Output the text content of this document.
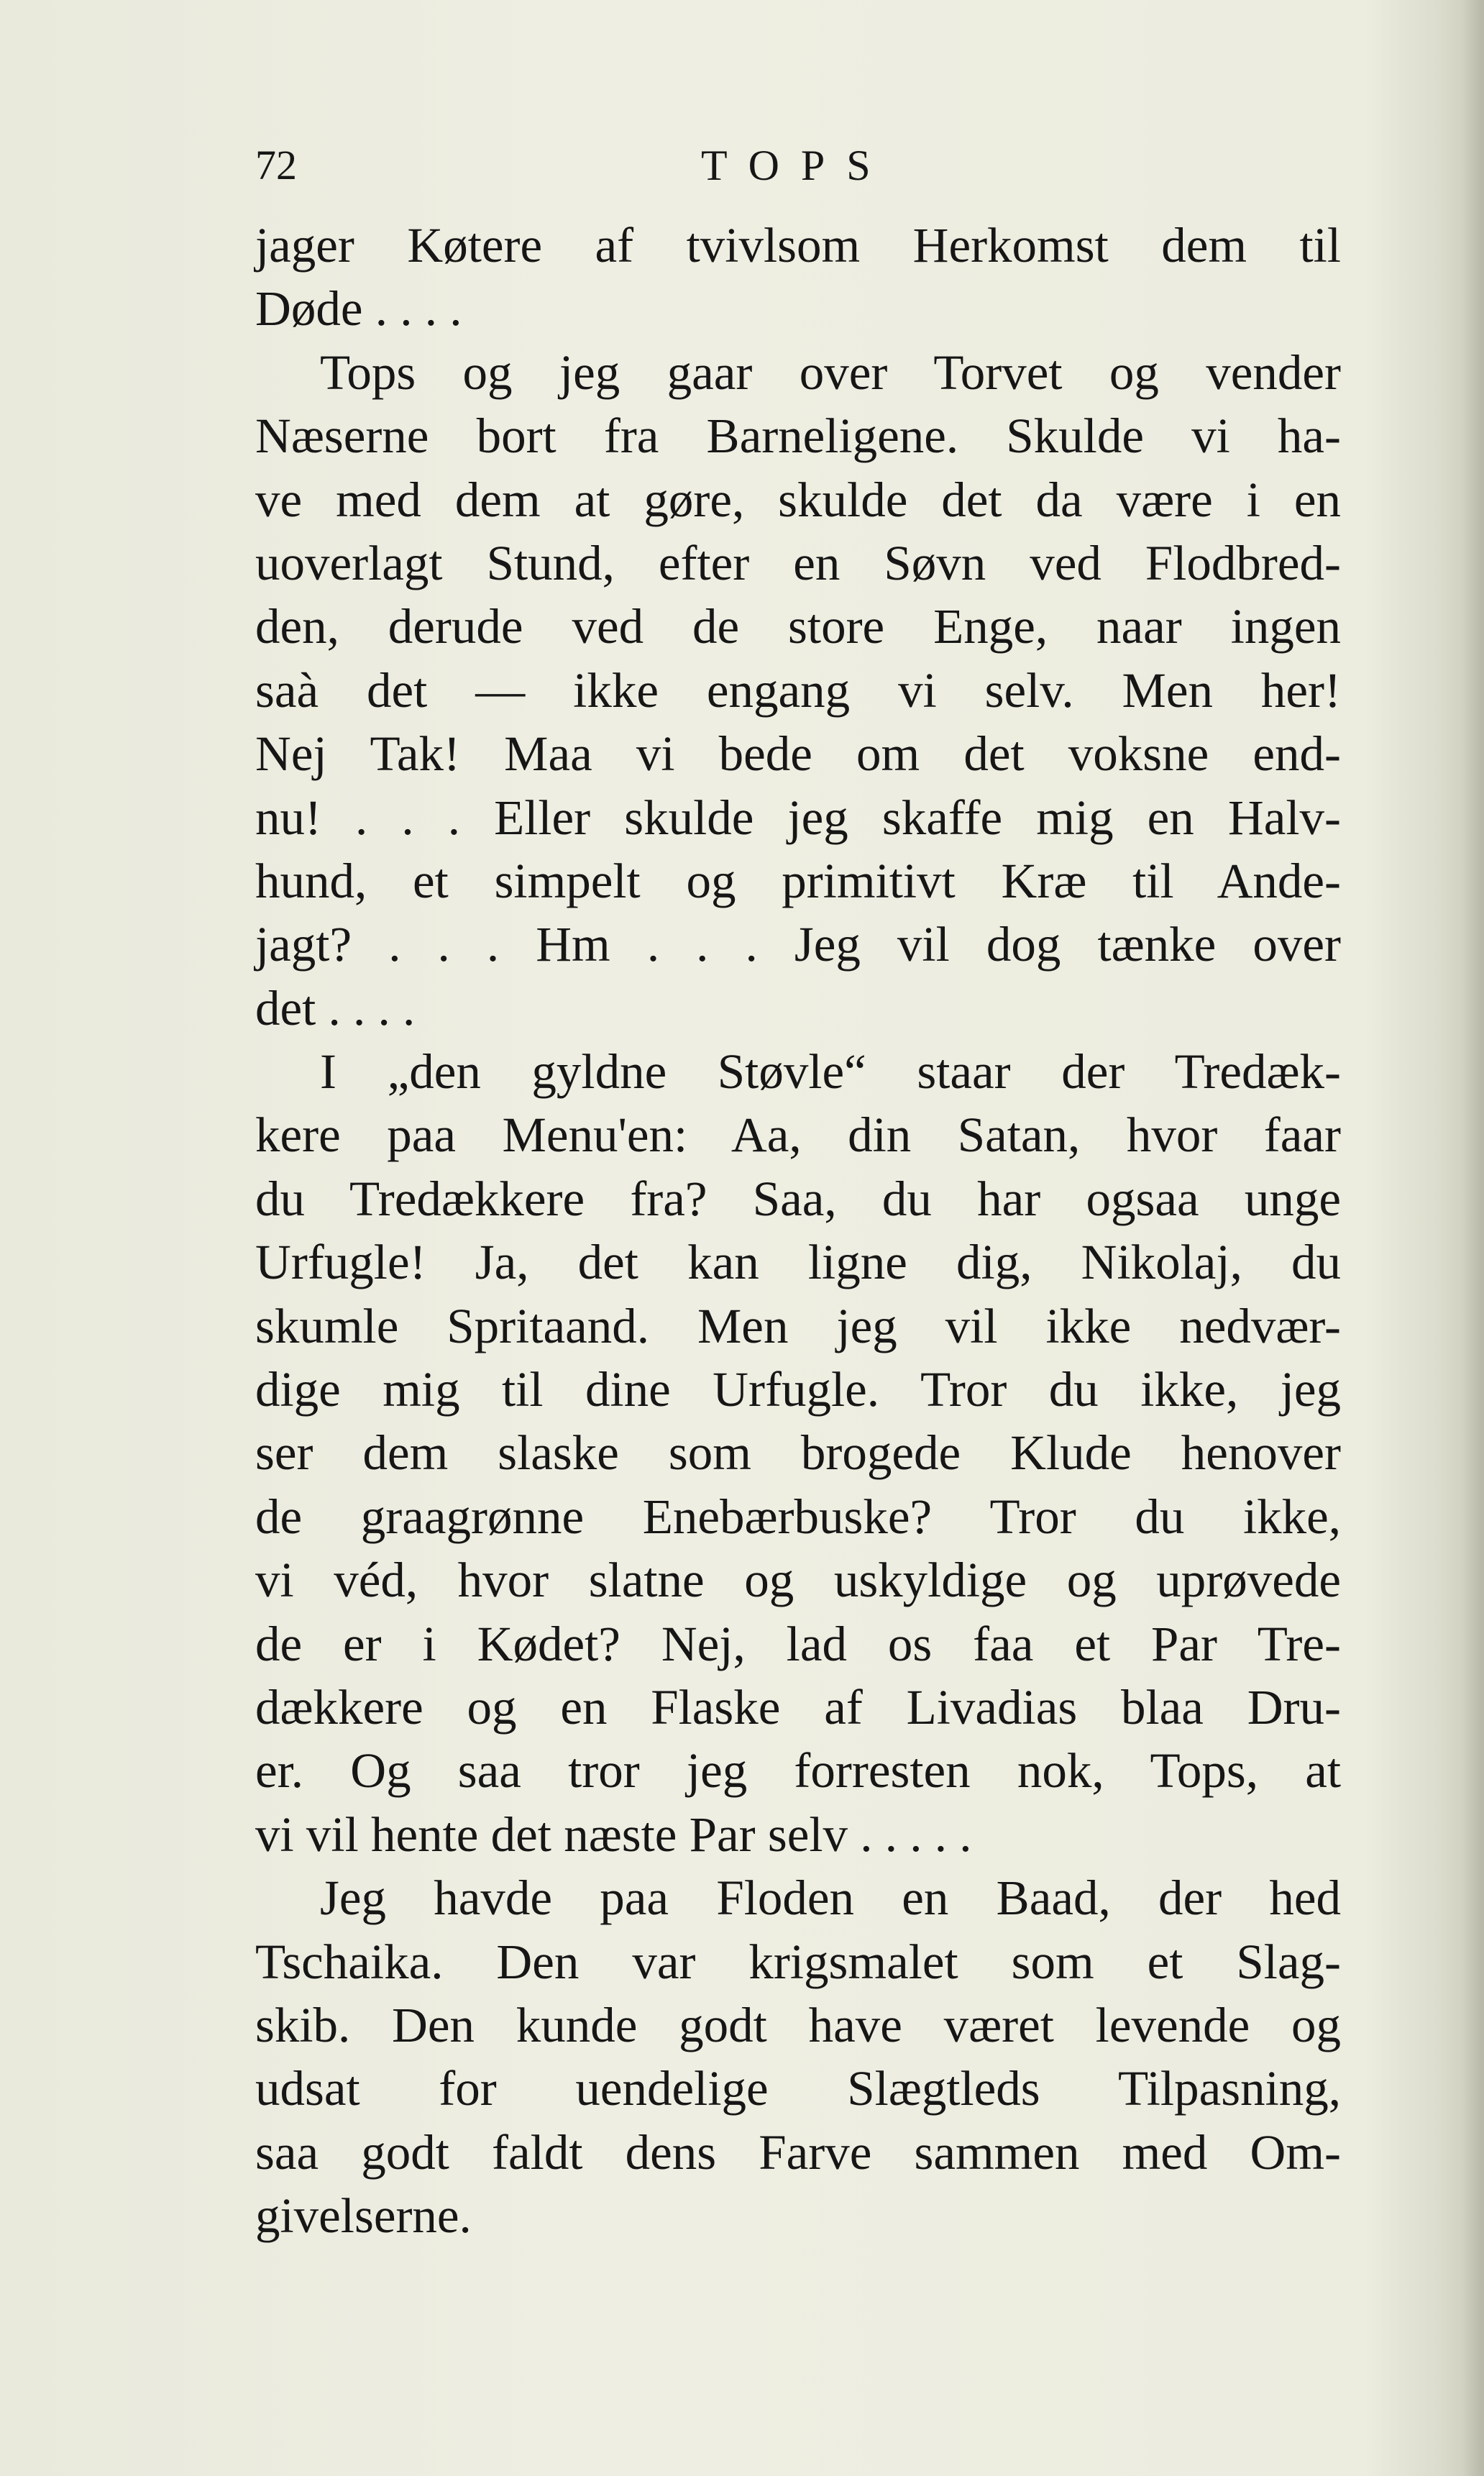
72	TOPS
jager Køtere af tvivlsom Herkomst dem til
Døde . . . .
Tops og jeg gaar over Torvet og vender
Næserne bort fra Barneligene. Skulde vi ha-
ve med dem at gøre, skulde det da være i en
uoverlagt Stund, efter en Søvn ved Flodbred-
den, derude ved de store Enge, naar ingen
saà det — ikke engang vi selv. Men her!
Nej Tak! Maa vi bede om det voksne end-
nu! . . . Eller skulde jeg skaffe mig en Halv-
hund, et simpelt og primitivt Kræ til Ande-
jagt? . . . Hm . . . Jeg vil dog tænke over
det . . . .
I „den gyldne Støvle“ staar der Tredæk-
kere paa Menu'en: Aa, din Satan, hvor faar
du Tredækkere fra? Saa, du har ogsaa unge
Urfugle! Ja, det kan ligne dig, Nikolaj, du
skumle Spritaand. Men jeg vil ikke nedvær-
dige mig til dine Urfugle. Tror du ikke, jeg
ser dem slaske som brogede Klude henover
de graagrønne Enebærbuske? Tror du ikke,
vi véd, hvor slatne og uskyldige og uprøvede
de er i Kødet? Nej, lad os faa et Par Tre-
dækkere og en Flaske af Livadias blaa Dru-
er. Og saa tror jeg forresten nok, Tops, at
vi vil hente det næste Par selv . . . . .
Jeg havde paa Floden en Baad, der hed
Tschaika. Den var krigsmalet som et Slag-
skib. Den kunde godt have været levende og
udsat for uendelige Slægtleds Tilpasning,
saa godt faldt dens Farve sammen med Om-
givelserne.
